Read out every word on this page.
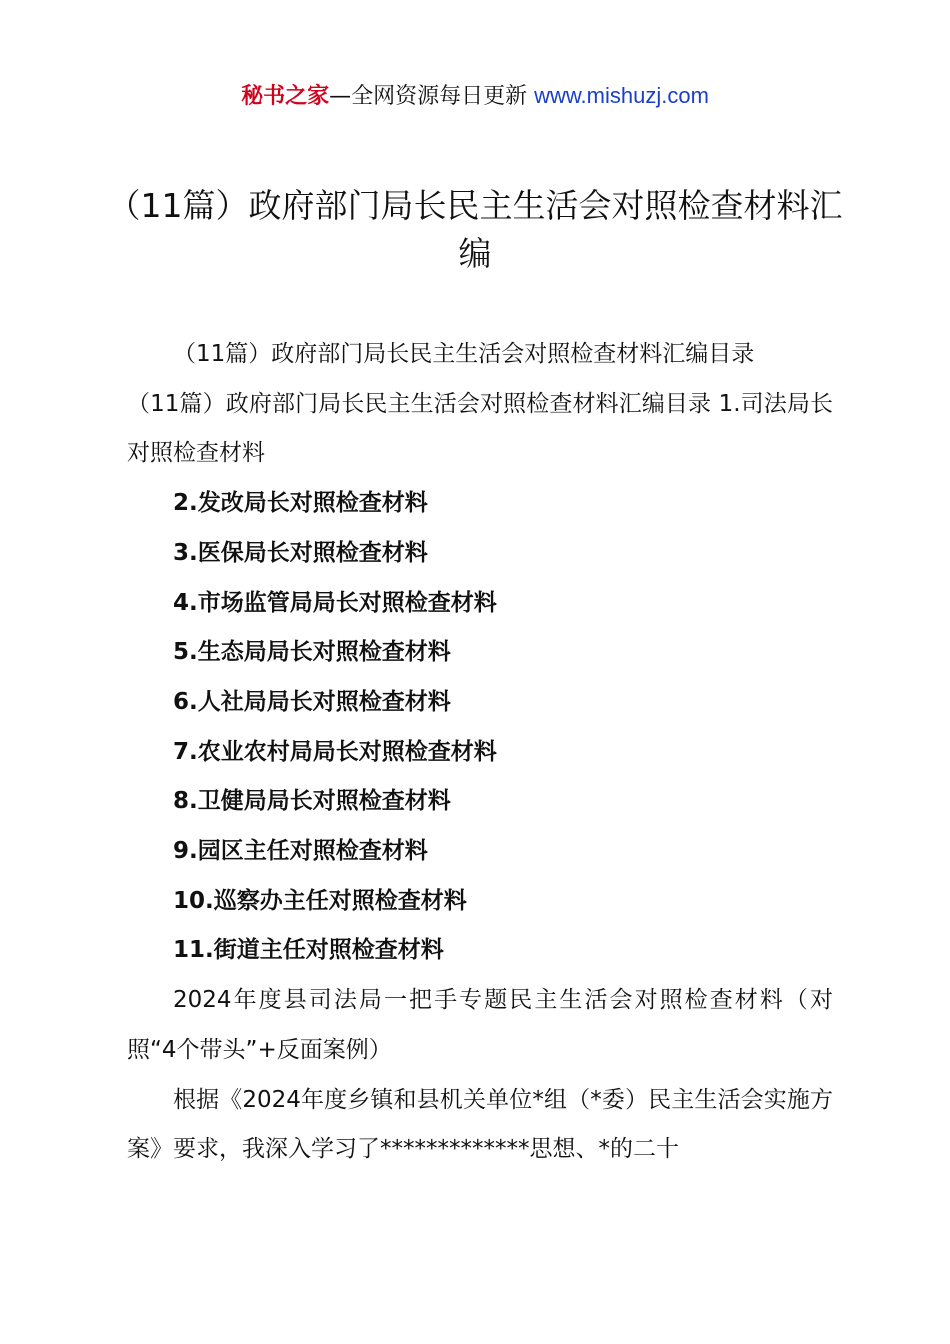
秘书之家—全网资源每日更新 www.mishuzj.com
（11篇）政府部门局长民主生活会对照检查材料汇编

（11篇）政府部门局长民主生活会对照检查材料汇编目录

（11篇）政府部门局长民主生活会对照检查材料汇编目录 1.司法局长对照检查材料

2.发改局长对照检查材料

3.医保局长对照检查材料

4.市场监管局局长对照检查材料

5.生态局局长对照检查材料

6.人社局局长对照检查材料

7.农业农村局局长对照检查材料

8.卫健局局长对照检查材料

9.园区主任对照检查材料

10.巡察办主任对照检查材料

11.街道主任对照检查材料

2024年度县司法局一把手专题民主生活会对照检查材料（对照“4个带头”+反面案例）

根据《2024年度乡镇和县机关单位*组（*委）民主生活会实施方案》要求，我深入学习了*************思想、*的二十
